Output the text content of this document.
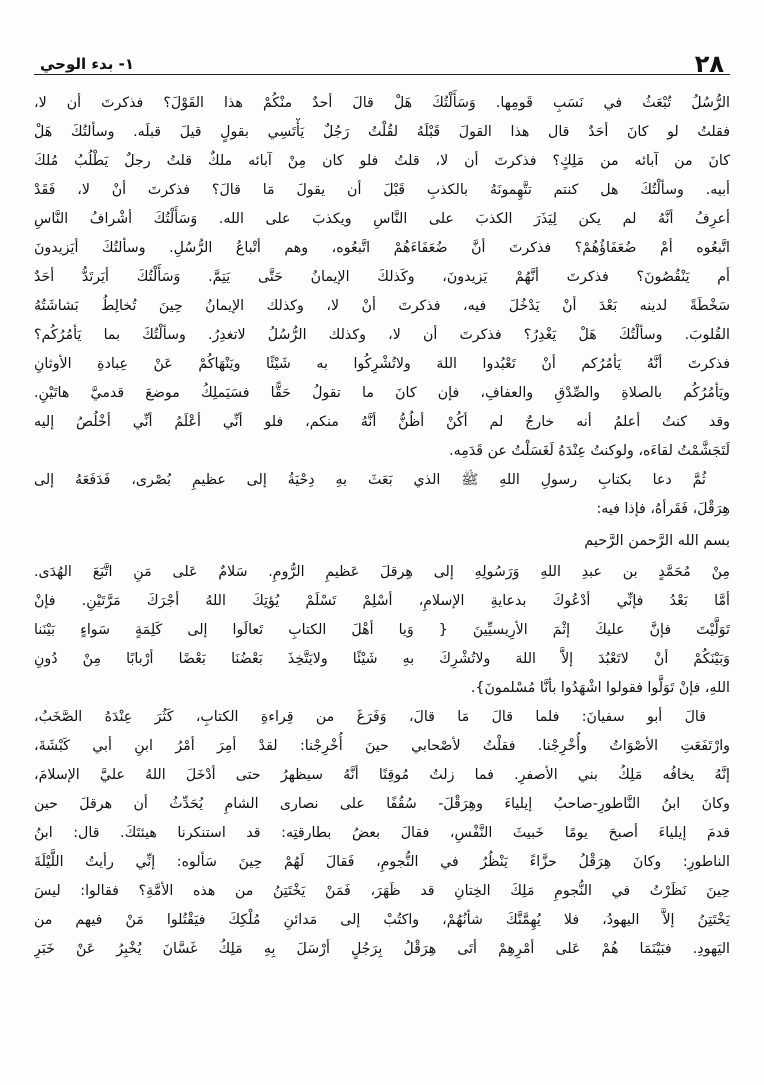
٢٨
١- بدء الوحي
الرُّسُلُ تُبْعَثُ في نَسَبِ قَومِها. وَسَأَلْتُكَ هَلْ قالَ أحدٌ منْكُمْ هذا القَوْلَ؟ فذكرتَ أن لا،
فقلتُ لو كانَ أحَدٌ قال هذا القولَ قَبْلَهُ لقُلْتُ رَجُلٌ يَأْتَسِي بقولٍ قيلَ قبلَه. وسألتُكَ هَلْ
كانَ من آبائه من مَلِكٍ؟ فذكرتَ أن لا، قلتُ فلو كان مِنْ آبائه ملكٌ قلتُ رجلٌ يَطْلُبُ مُلكَ
أبيه. وسألْتُكَ هل كنتم تتَّهِمونَهُ بالكذبِ قَبْلَ أن يقولَ مَا قالَ؟ فذكرتَ أنْ لا، فَقَدْ
أعرِفُ أنَّهُ لم يكن لِيَذَرَ الكذبَ على النَّاسِ ويكذبَ على الله. وَسَأَلْتُكَ أشْرافُ النَّاسِ
اتَّبعُوه أمْ ضُعَفَاؤُهُمْ؟ فذكرتَ أنَّ ضُعَفَاءَهُمْ اتَّبعُوه، وهم أتْباعُ الرُّسُلِ. وسألتُكَ أيَزيدونَ
أم يَنْقُصُونَ؟ فذكرتَ أنَّهُمْ يَزيدونَ، وكَذلكَ الإيمانُ حَتَّى يَتِمَّ. وَسَأَلْتُكَ أيَرتَدُّ أحَدٌ
سَخْطَةً لدينه بَعْدَ أنْ يَدْخُلَ فيه، فذكرتَ أنْ لا، وكذلك الإيمانُ حِينَ تُخالِطُ بَشاشَتُهُ
القُلوبَ. وسألْتُكَ هَلْ يَغْدِرُ؟ فذكرتَ أن لا، وكذلك الرُّسُلُ لاتغدِرُ. وسألْتُكَ بما يَأمُرُكُم؟
فذكرتَ أنَّهُ يَأمُرُكم أنْ تَعْبُدوا اللهَ ولاتُشْرِكُوا به شَيْئًا ويَنْهَاكُمْ عَنْ عِبادةِ الأوثانِ
ويَأمُرُكُم بالصلاةِ والصِّدْقِ والعفافِ، فإن كانَ ما تقولُ حَقًّا فسَيَملِكُ موضعَ قدميَّ هاتَيْنِ.
وقد كنتُ أعلمُ أنه خارجٌ لم أكُنْ أظُنُّ أنَّهُ منكم، فلو أنِّي أعْلَمُ أنِّي أخْلُصُ إليه
لَتَجَشَّمْتُ لقاءَه، ولوكنتُ عِنْدَهُ لَغَسَلْتُ عن قَدَمِه.
ثُمَّ دعا بكتابِ رسولِ اللهِ ﷺ الذي بَعَثَ بهِ دِحْيَةُ إلى عظيمِ بُصْرى، فَدَفَعَهُ إلى
هِرَقْلَ، فَقَرأهُ، فإذا فيه:
بسم الله الرَّحمن الرَّحيم
مِنْ مُحَمَّدٍ بن عبدِ اللهِ وَرَسُولِهِ إلى هِرقلَ عَظيمِ الرُّومِ. سَلامٌ عَلى مَنِ اتَّبَعَ الهُدَى.
أمَّا بَعْدُ فإنِّي أدْعُوكَ بدعايةِ الإسلامِ، أسْلِمْ تَسْلَمْ يُؤتِكَ اللهُ أجْرَكَ مَرَّتَيْنِ. فإنْ
تَوَلَّيْتَ فإنَّ عليكَ إثْمَ الأرِيسيِّينَ { وَيا أهْلَ الكتابِ تَعالَوا إلى كَلِمَةٍ سَواءٍ بَيْنَنا
وَبَيْنَكُمْ أنْ لاتَعْبُدَ إلاَّ اللهَ ولاتُشْرِكَ بهِ شَيْئًا ولايَتَّخِذَ بَعْضُنَا بَعْضًا أرْبابًا مِنْ دُونِ
اللهِ، فإنْ تَوَلَّوا فقولوا اشْهَدُوا بأنَّا مُسْلمونَ}.
قالَ أبو سفيانَ: فلما قالَ مَا قالَ، وَفَرَغَ من قِراءةِ الكتابِ، كَثُرَ عِنْدَهُ الصَّخَبُ،
وارْتَفَعَتِ الأصْوَاتُ وأُخْرِجْنا. فقلْتُ لأصْحابي حينَ أُخْرِجْنا: لقدْ أمِرَ أمْرُ ابنِ أبي كَبْشَةَ،
إنَّهُ يخافُه مَلِكُ بني الأصفرِ. فما زلتُ مُوقِنًا أنَّهُ سيظهرُ حتى أدْخَلَ اللهُ عليَّ الإسلامَ،
وكانَ ابنُ النَّاطورِ-صاحبُ إيلياءَ وهِرَقْلَ- سُقُفًا على نصارى الشامِ يُحَدِّثُ أن هرقلَ حين
قدمَ إيلياءَ أصبحَ يومًا خَبيثَ النَّفْسِ، فقالَ بعضُ بطارقتِه: قد استنكرنا هيئتَكَ. قال: ابنُ
الناطورِ: وكانَ هِرَقْلُ حزَّاءً يَنْظُرُ في النُّجومِ، فَقالَ لَهُمْ حِينَ سَألوه: إنِّي رأيتُ اللَّيْلَةَ
حِينَ نَظَرْتُ في النُّجومِ مَلِكَ الخِتانِ قد ظَهَرَ، فَمَنْ يَخْتَتِنُ من هذه الأمَّةِ؟ فقالوا: ليسَ
يَخْتَتِنُ إلاَّ اليهودُ، فلا يُهِمَّنَّكَ شأنُهُمْ، واكتُبْ إلى مَدائنِ مُلْكِكَ فيَقْتُلوا مَنْ فيهم من
اليَهودِ. فبَيْنَمَا هُمْ عَلى أمْرِهِمْ أتَى هِرَقْلُ بِرَجُلٍ أرْسَلَ بِهِ مَلِكُ غَسَّانَ يُخْبِرُ عَنْ خَبَرِ
